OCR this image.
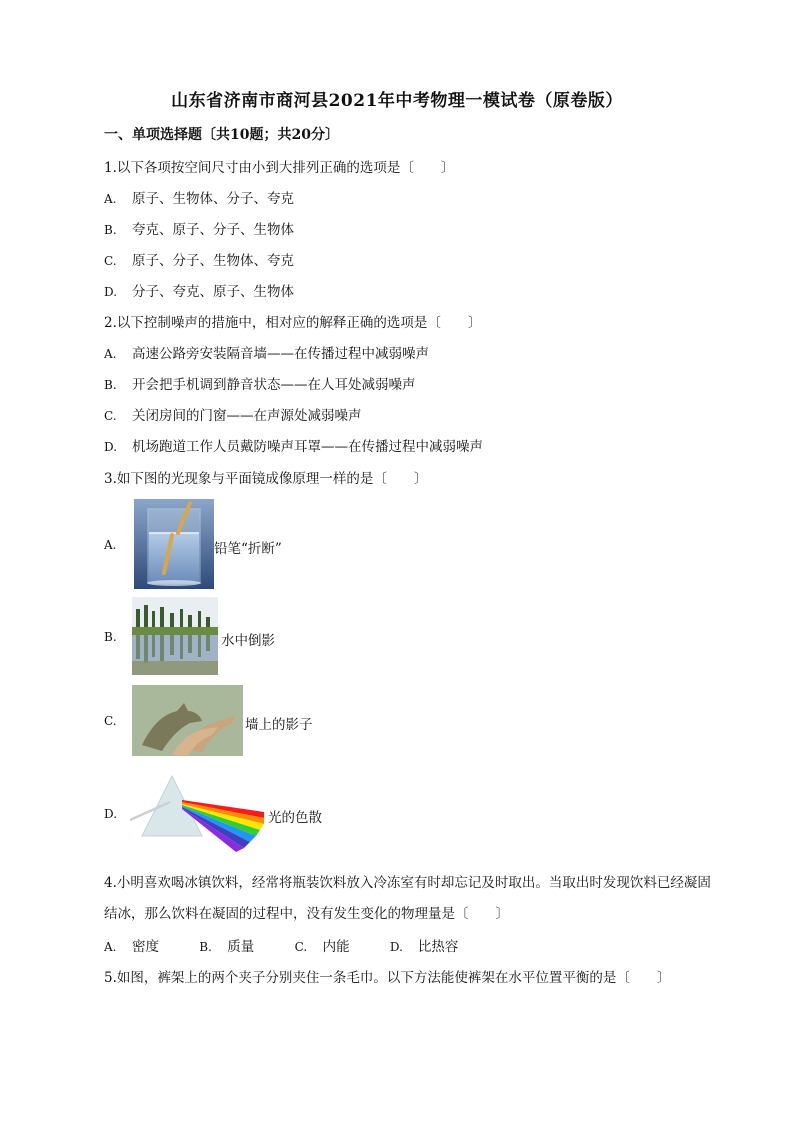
山东省济南市商河县2021年中考物理一模试卷（原卷版）
一、单项选择题〔共10题；共20分〕
1.以下各项按空间尺寸由小到大排列正确的选项是〔　　〕
A. 原子、生物体、分子、夸克
B. 夸克、原子、分子、生物体
C. 原子、分子、生物体、夸克
D. 分子、夸克、原子、生物体
2.以下控制噪声的措施中，相对应的解释正确的选项是〔　　〕
A. 高速公路旁安装隔音墙——在传播过程中减弱噪声
B. 开会把手机调到静音状态——在人耳处减弱噪声
C. 关闭房间的门窗——在声源处减弱噪声
D. 机场跑道工作人员戴防噪声耳罩——在传播过程中减弱噪声
3.如下图的光现象与平面镜成像原理一样的是〔　　〕
A.	铅笔“折断”
B.	水中倒影
C.	墙上的影子
D.	光的色散
4.小明喜欢喝冰镇饮料，经常将瓶装饮料放入冷冻室有时却忘记及时取出。当取出时发现饮料已经凝固结冰，那么饮料在凝固的过程中，没有发生变化的物理量是〔　　〕
A. 密度	B. 质量	C. 内能	D. 比热容
5.如图，裤架上的两个夹子分别夹住一条毛巾。以下方法能使裤架在水平位置平衡的是〔　　〕
